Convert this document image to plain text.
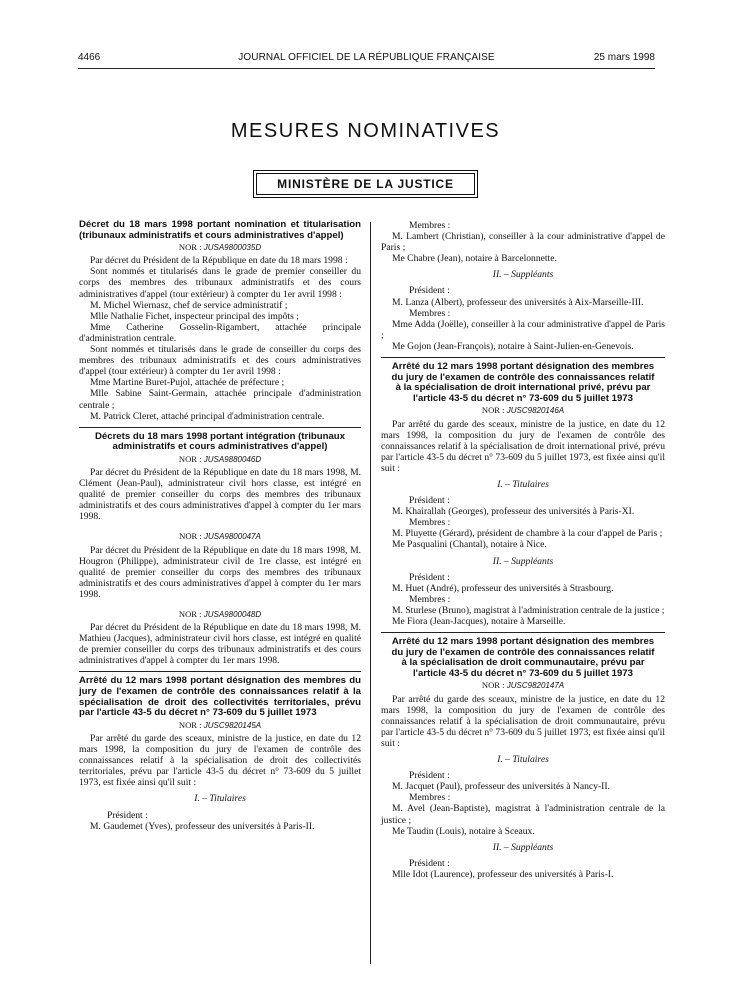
4466	JOURNAL OFFICIEL DE LA RÉPUBLIQUE FRANÇAISE	25 mars 1998
MESURES NOMINATIVES
MINISTÈRE DE LA JUSTICE
Décret du 18 mars 1998 portant nomination et titularisation (tribunaux administratifs et cours administratives d'appel)
NOR : JUSA9800035D

Par décret du Président de la République en date du 18 mars 1998 :

Sont nommés et titularisés dans le grade de premier conseiller du corps des membres des tribunaux administratifs et des cours administratives d'appel (tour extérieur) à compter du 1er avril 1998 :

M. Michel Wiernasz, chef de service administratif ;

Mlle Nathalie Fichet, inspecteur principal des impôts ;

Mme Catherine Gosselin-Rigambert, attachée principale d'administration centrale.

Sont nommés et titularisés dans le grade de conseiller du corps des membres des tribunaux administratifs et des cours administratives d'appel (tour extérieur) à compter du 1er avril 1998 :

Mme Martine Buret-Pujol, attachée de préfecture ;

Mlle Sabine Saint-Germain, attachée principale d'administration centrale ;

M. Patrick Cleret, attaché principal d'administration centrale.

Décrets du 18 mars 1998 portant intégration (tribunaux administratifs et cours administratives d'appel)
NOR : JUSA9880046D

Par décret du Président de la République en date du 18 mars 1998, M. Clément (Jean-Paul), administrateur civil hors classe, est intégré en qualité de premier conseiller du corps des membres des tribunaux administratifs et des cours administratives d'appel à compter du 1er mars 1998.

NOR : JUSA9800047A

Par décret du Président de la République en date du 18 mars 1998, M. Hougron (Philippe), administrateur civil de 1re classe, est intégré en qualité de premier conseiller du corps des membres des tribunaux administratifs et des cours administratives d'appel à compter du 1er mars 1998.

NOR : JUSA9800048D

Par décret du Président de la République en date du 18 mars 1998, M. Mathieu (Jacques), administrateur civil hors classe, est intégré en qualité de premier conseiller du corps des tribunaux administratifs et des cours administratives d'appel à compter du 1er mars 1998.

Arrêté du 12 mars 1998 portant désignation des membres du jury de l'examen de contrôle des connaissances relatif à la spécialisation de droit des collectivités territoriales, prévu par l'article 43-5 du décret n° 73-609 du 5 juillet 1973
NOR : JUSC9820145A

Par arrêté du garde des sceaux, ministre de la justice, en date du 12 mars 1998, la composition du jury de l'examen de contrôle des connaissances relatif à la spécialisation de droit des collectivités territoriales, prévu par l'article 43-5 du décret n° 73-609 du 5 juillet 1973, est fixée ainsi qu'il suit :

I. – Titulaires

Président :

M. Gaudemet (Yves), professeur des universités à Paris-II.

Membres :

M. Lambert (Christian), conseiller à la cour administrative d'appel de Paris ;

Me Chabre (Jean), notaire à Barcelonnette.

II. – Suppléants

Président :

M. Lanza (Albert), professeur des universités à Aix-Marseille-III.

Membres :

Mme Adda (Joëlle), conseiller à la cour administrative d'appel de Paris ;

Me Gojon (Jean-François), notaire à Saint-Julien-en-Genevois.

Arrêté du 12 mars 1998 portant désignation des membres du jury de l'examen de contrôle des connaissances relatif à la spécialisation de droit international privé, prévu par l'article 43-5 du décret n° 73-609 du 5 juillet 1973
NOR : JUSC9820146A

Par arrêté du garde des sceaux, ministre de la justice, en date du 12 mars 1998, la composition du jury de l'examen de contrôle des connaissances relatif à la spécialisation de droit international privé, prévu par l'article 43-5 du décret n° 73-609 du 5 juillet 1973, est fixée ainsi qu'il suit :

I. – Titulaires

Président :

M. Khairallah (Georges), professeur des universités à Paris-XI.

Membres :

M. Pluyette (Gérard), président de chambre à la cour d'appel de Paris ;

Me Pasqualini (Chantal), notaire à Nice.

II. – Suppléants

Président :

M. Huet (André), professeur des universités à Strasbourg.

Membres :

M. Sturlese (Bruno), magistrat à l'administration centrale de la justice ;

Me Fiora (Jean-Jacques), notaire à Marseille.

Arrêté du 12 mars 1998 portant désignation des membres du jury de l'examen de contrôle des connaissances relatif à la spécialisation de droit communautaire, prévu par l'article 43-5 du décret n° 73-609 du 5 juillet 1973
NOR : JUSC9820147A

Par arrêté du garde des sceaux, ministre de la justice, en date du 12 mars 1998, la composition du jury de l'examen de contrôle des connaissances relatif à la spécialisation de droit communautaire, prévu par l'article 43-5 du décret n° 73-609 du 5 juillet 1973, est fixée ainsi qu'il suit :

I. – Titulaires

Président :

M. Jacquet (Paul), professeur des universités à Nancy-II.

Membres :

M. Avel (Jean-Baptiste), magistrat à l'administration centrale de la justice ;

Me Taudin (Louis), notaire à Sceaux.

II. – Suppléants

Président :

Mlle Idot (Laurence), professeur des universités à Paris-I.
